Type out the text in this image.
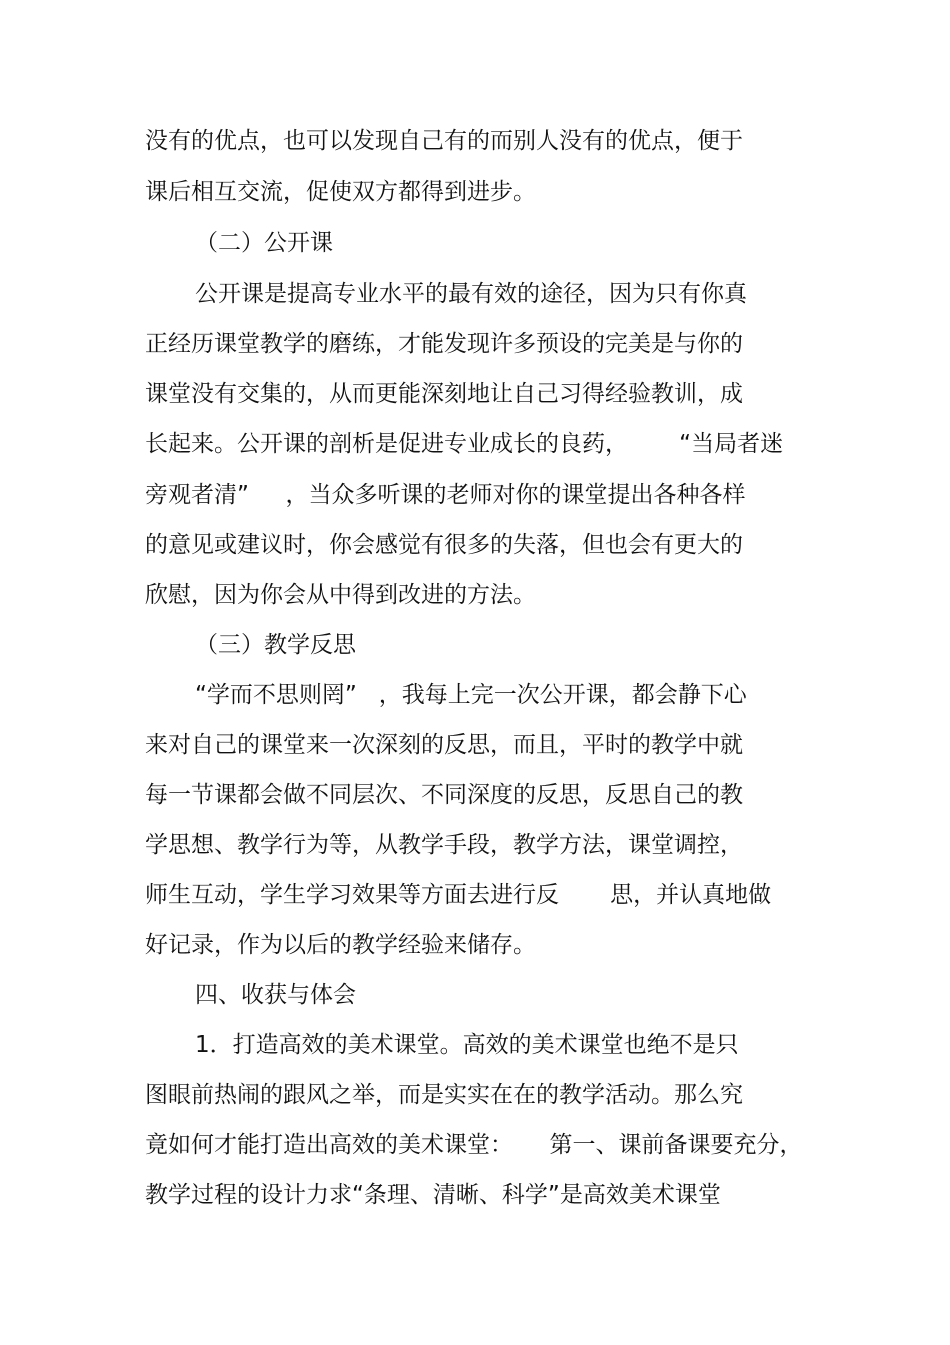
没有的优点，也可以发现自己有的而别人没有的优点，便于
课后相互交流，促使双方都得到进步。
（二）公开课
公开课是提高专业水平的最有效的途径，因为只有你真
正经历课堂教学的磨练，才能发现许多预设的完美是与你的
课堂没有交集的，从而更能深刻地让自己习得经验教训，成
长起来。公开课的剖析是促进专业成长的良药，       “当局者迷
旁观者清”     ，当众多听课的老师对你的课堂提出各种各样
的意见或建议时，你会感觉有很多的失落，但也会有更大的
欣慰，因为你会从中得到改进的方法。
（三）教学反思
“学而不思则罔”   ，我每上完一次公开课，都会静下心
来对自己的课堂来一次深刻的反思，而且，平时的教学中就
每一节课都会做不同层次、不同深度的反思，反思自己的教
学思想、教学行为等，从教学手段，教学方法，课堂调控，
师生互动，学生学习效果等方面去进行反       思，并认真地做
好记录，作为以后的教学经验来储存。
四、收获与体会
1．打造高效的美术课堂。高效的美术课堂也绝不是只
图眼前热闹的跟风之举，而是实实在在的教学活动。那么究
竟如何才能打造出高效的美术课堂：     第一、课前备课要充分，
教学过程的设计力求“条理、清晰、科学”是高效美术课堂
